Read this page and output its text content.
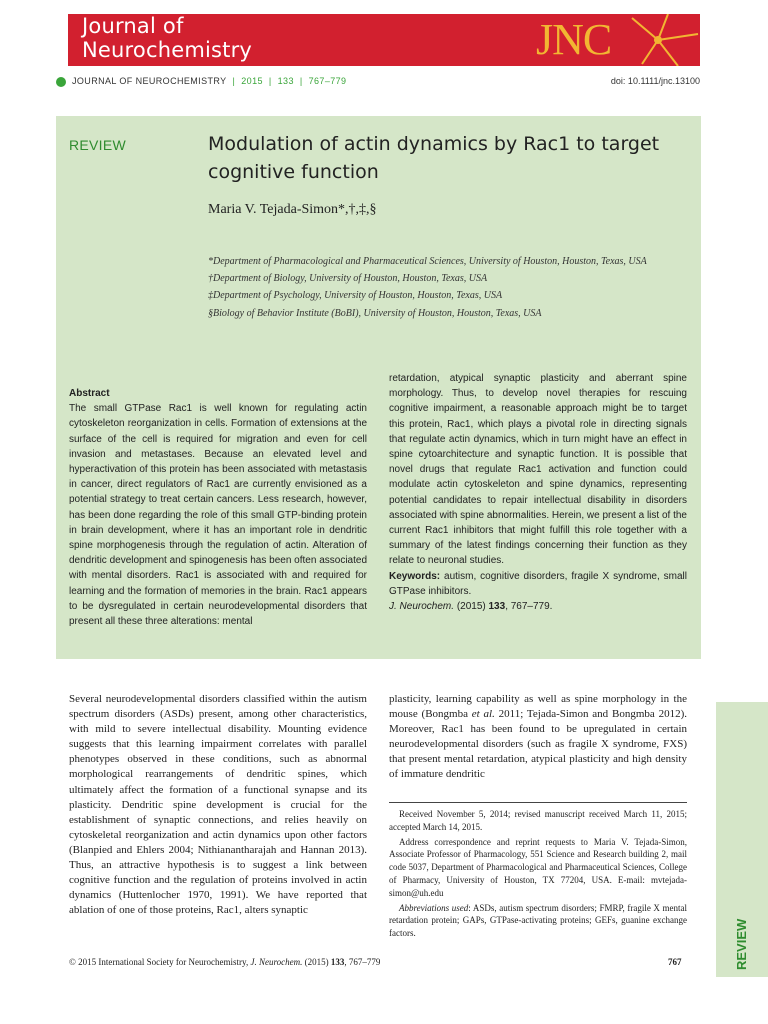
Journal of
Neurochemistry	JNC
JOURNAL OF NEUROCHEMISTRY | 2015 | 133 | 767–779	doi: 10.1111/jnc.13100
REVIEW	Modulation of actin dynamics by Rac1 to target cognitive function
Maria V. Tejada-Simon*,†,‡,§
*Department of Pharmacological and Pharmaceutical Sciences, University of Houston, Houston, Texas, USA
†Department of Biology, University of Houston, Houston, Texas, USA
‡Department of Psychology, University of Houston, Houston, Texas, USA
§Biology of Behavior Institute (BoBI), University of Houston, Houston, Texas, USA
Abstract
The small GTPase Rac1 is well known for regulating actin cytoskeleton reorganization in cells. Formation of extensions at the surface of the cell is required for migration and even for cell invasion and metastases. Because an elevated level and hyperactivation of this protein has been associated with metastasis in cancer, direct regulators of Rac1 are currently envisioned as a potential strategy to treat certain cancers. Less research, however, has been done regarding the role of this small GTP-binding protein in brain development, where it has an important role in dendritic spine morphogenesis through the regulation of actin. Alteration of dendritic development and spinogenesis has been often associated with mental disorders. Rac1 is associated with and required for learning and the formation of memories in the brain. Rac1 appears to be dysregulated in certain neurodevelopmental disorders that present all these three alterations: mental
retardation, atypical synaptic plasticity and aberrant spine morphology. Thus, to develop novel therapies for rescuing cognitive impairment, a reasonable approach might be to target this protein, Rac1, which plays a pivotal role in directing signals that regulate actin dynamics, which in turn might have an effect in spine cytoarchitecture and synaptic function. It is possible that novel drugs that regulate Rac1 activation and function could modulate actin cytoskeleton and spine dynamics, representing potential candidates to repair intellectual disability in disorders associated with spine abnormalities. Herein, we present a list of the current Rac1 inhibitors that might fulfill this role together with a summary of the latest findings concerning their function as they relate to neuronal studies.
Keywords: autism, cognitive disorders, fragile X syndrome, small GTPase inhibitors.
J. Neurochem. (2015) 133, 767–779.
Several neurodevelopmental disorders classified within the autism spectrum disorders (ASDs) present, among other characteristics, with mild to severe intellectual disability. Mounting evidence suggests that this learning impairment correlates with parallel phenotypes observed in these conditions, such as abnormal morphological rearrangements of dendritic spines, which ultimately affect the formation of a functional synapse and its plasticity. Dendritic spine development is crucial for the establishment of synaptic connections, and relies heavily on cytoskeletal reorganization and actin dynamics upon other factors (Blanpied and Ehlers 2004; Nithianantharajah and Hannan 2013). Thus, an attractive hypothesis is to suggest a link between cognitive function and the regulation of proteins involved in actin dynamics (Huttenlocher 1970, 1991). We have reported that ablation of one of those proteins, Rac1, alters synaptic
plasticity, learning capability as well as spine morphology in the mouse (Bongmba et al. 2011; Tejada-Simon and Bongmba 2012). Moreover, Rac1 has been found to be upregulated in certain neurodevelopmental disorders (such as fragile X syndrome, FXS) that present mental retardation, atypical plasticity and high density of immature dendritic

Received November 5, 2014; revised manuscript received March 11, 2015; accepted March 14, 2015.

Address correspondence and reprint requests to Maria V. Tejada-Simon, Associate Professor of Pharmacology, 551 Science and Research building 2, mail code 5037, Department of Pharmacological and Pharmaceutical Sciences, College of Pharmacy, University of Houston, TX 77204, USA. E-mail: mvtejada-simon@uh.edu

Abbreviations used: ASDs, autism spectrum disorders; FMRP, fragile X mental retardation protein; GAPs, GTPase-activating proteins; GEFs, guanine exchange factors.	REVIEW
© 2015 International Society for Neurochemistry, J. Neurochem. (2015) 133, 767–779	767
